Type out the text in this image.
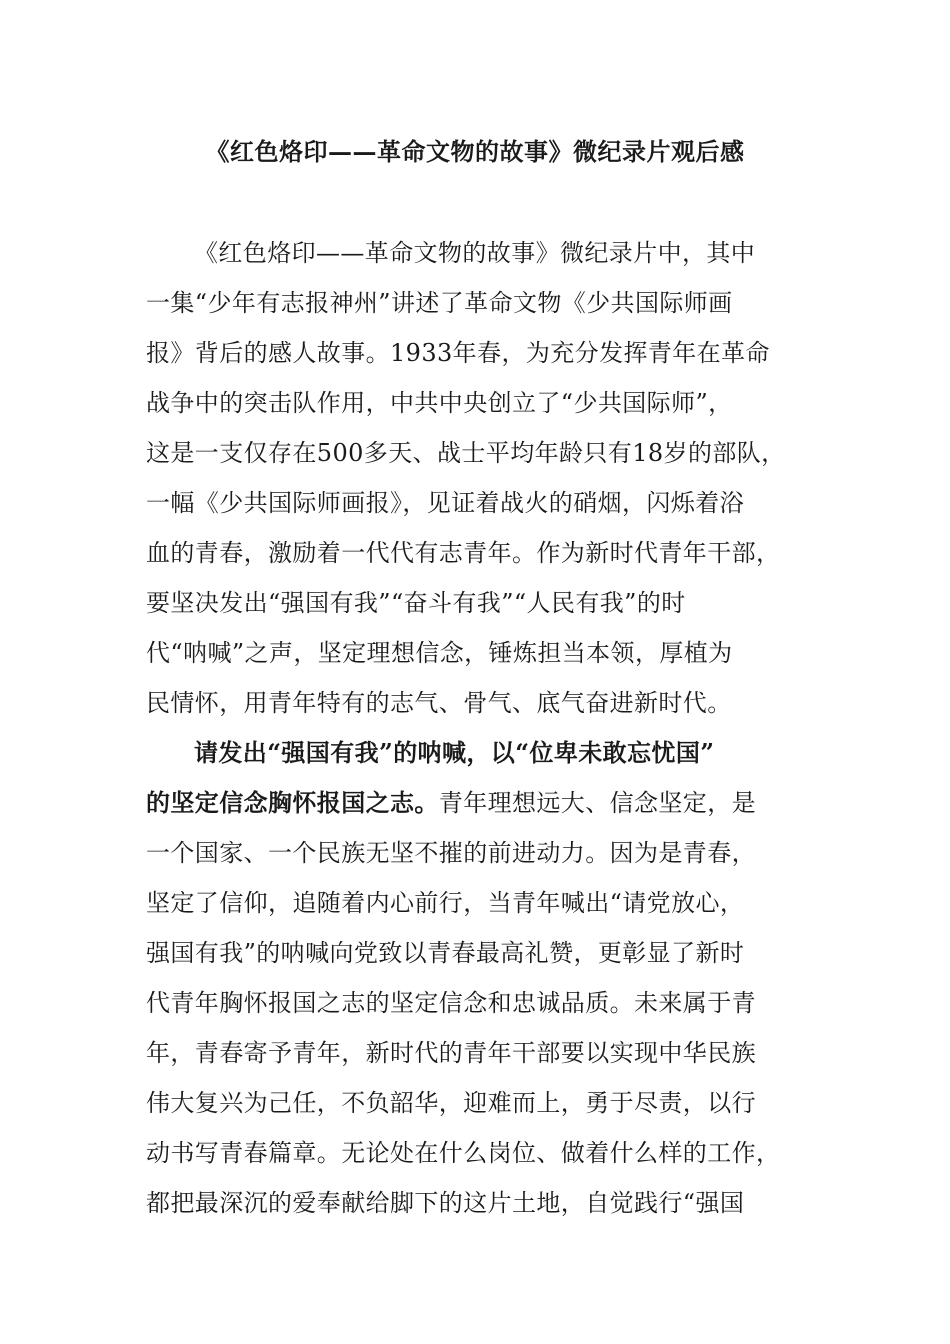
《红色烙印——革命文物的故事》微纪录片观后感
《红色烙印——革命文物的故事》微纪录片中，其中
一集“少年有志报神州”讲述了革命文物《少共国际师画
报》背后的感人故事。1933年春，为充分发挥青年在革命
战争中的突击队作用，中共中央创立了“少共国际师”，
这是一支仅存在500多天、战士平均年龄只有18岁的部队，
一幅《少共国际师画报》，见证着战火的硝烟，闪烁着浴
血的青春，激励着一代代有志青年。作为新时代青年干部，
要坚决发出“强国有我”“奋斗有我”“人民有我”的时
代“呐喊”之声，坚定理想信念，锤炼担当本领，厚植为
民情怀，用青年特有的志气、骨气、底气奋进新时代。
请发出“强国有我”的呐喊，以“位卑未敢忘忧国”
的坚定信念胸怀报国之志。青年理想远大、信念坚定，是
一个国家、一个民族无坚不摧的前进动力。因为是青春，
坚定了信仰，追随着内心前行，当青年喊出“请党放心，
强国有我”的呐喊向党致以青春最高礼赞，更彰显了新时
代青年胸怀报国之志的坚定信念和忠诚品质。未来属于青
年，青春寄予青年，新时代的青年干部要以实现中华民族
伟大复兴为己任，不负韶华，迎难而上，勇于尽责，以行
动书写青春篇章。无论处在什么岗位、做着什么样的工作，
都把最深沉的爱奉献给脚下的这片土地，自觉践行“强国
